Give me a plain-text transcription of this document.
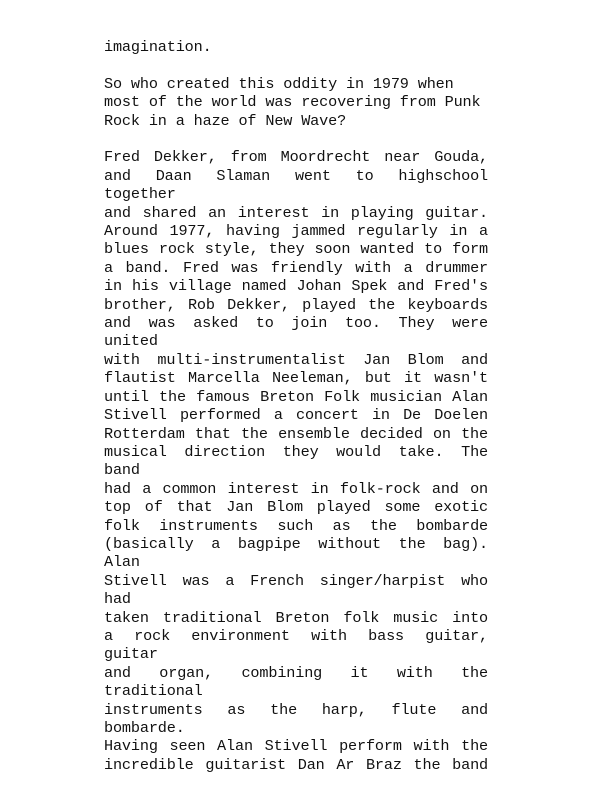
imagination.

So who created this oddity in 1979 when
most of the world was recovering from Punk
Rock in a haze of New Wave?

Fred Dekker, from Moordrecht near Gouda,
and Daan Slaman went to highschool together
and shared an interest in playing guitar.
Around 1977, having jammed regularly in a
blues rock style, they soon wanted to form
a band. Fred was friendly with a drummer
in his village named Johan Spek and Fred's
brother, Rob Dekker, played the keyboards
and was asked to join too. They were united
with multi-instrumentalist Jan Blom and
flautist Marcella Neeleman, but it wasn't
until the famous Breton Folk musician Alan
Stivell performed a concert in De Doelen
Rotterdam that the ensemble decided on the
musical direction they would take. The band
had a common interest in folk-rock and on
top of that Jan Blom played some exotic
folk instruments such as the bombarde
(basically a bagpipe without the bag). Alan
Stivell was a French singer/harpist who had
taken traditional Breton folk music into
a rock environment with bass guitar, guitar
and organ, combining it with the traditional
instruments as the harp, flute and bombarde.
Having seen Alan Stivell perform with the
incredible guitarist Dan Ar Braz the band
